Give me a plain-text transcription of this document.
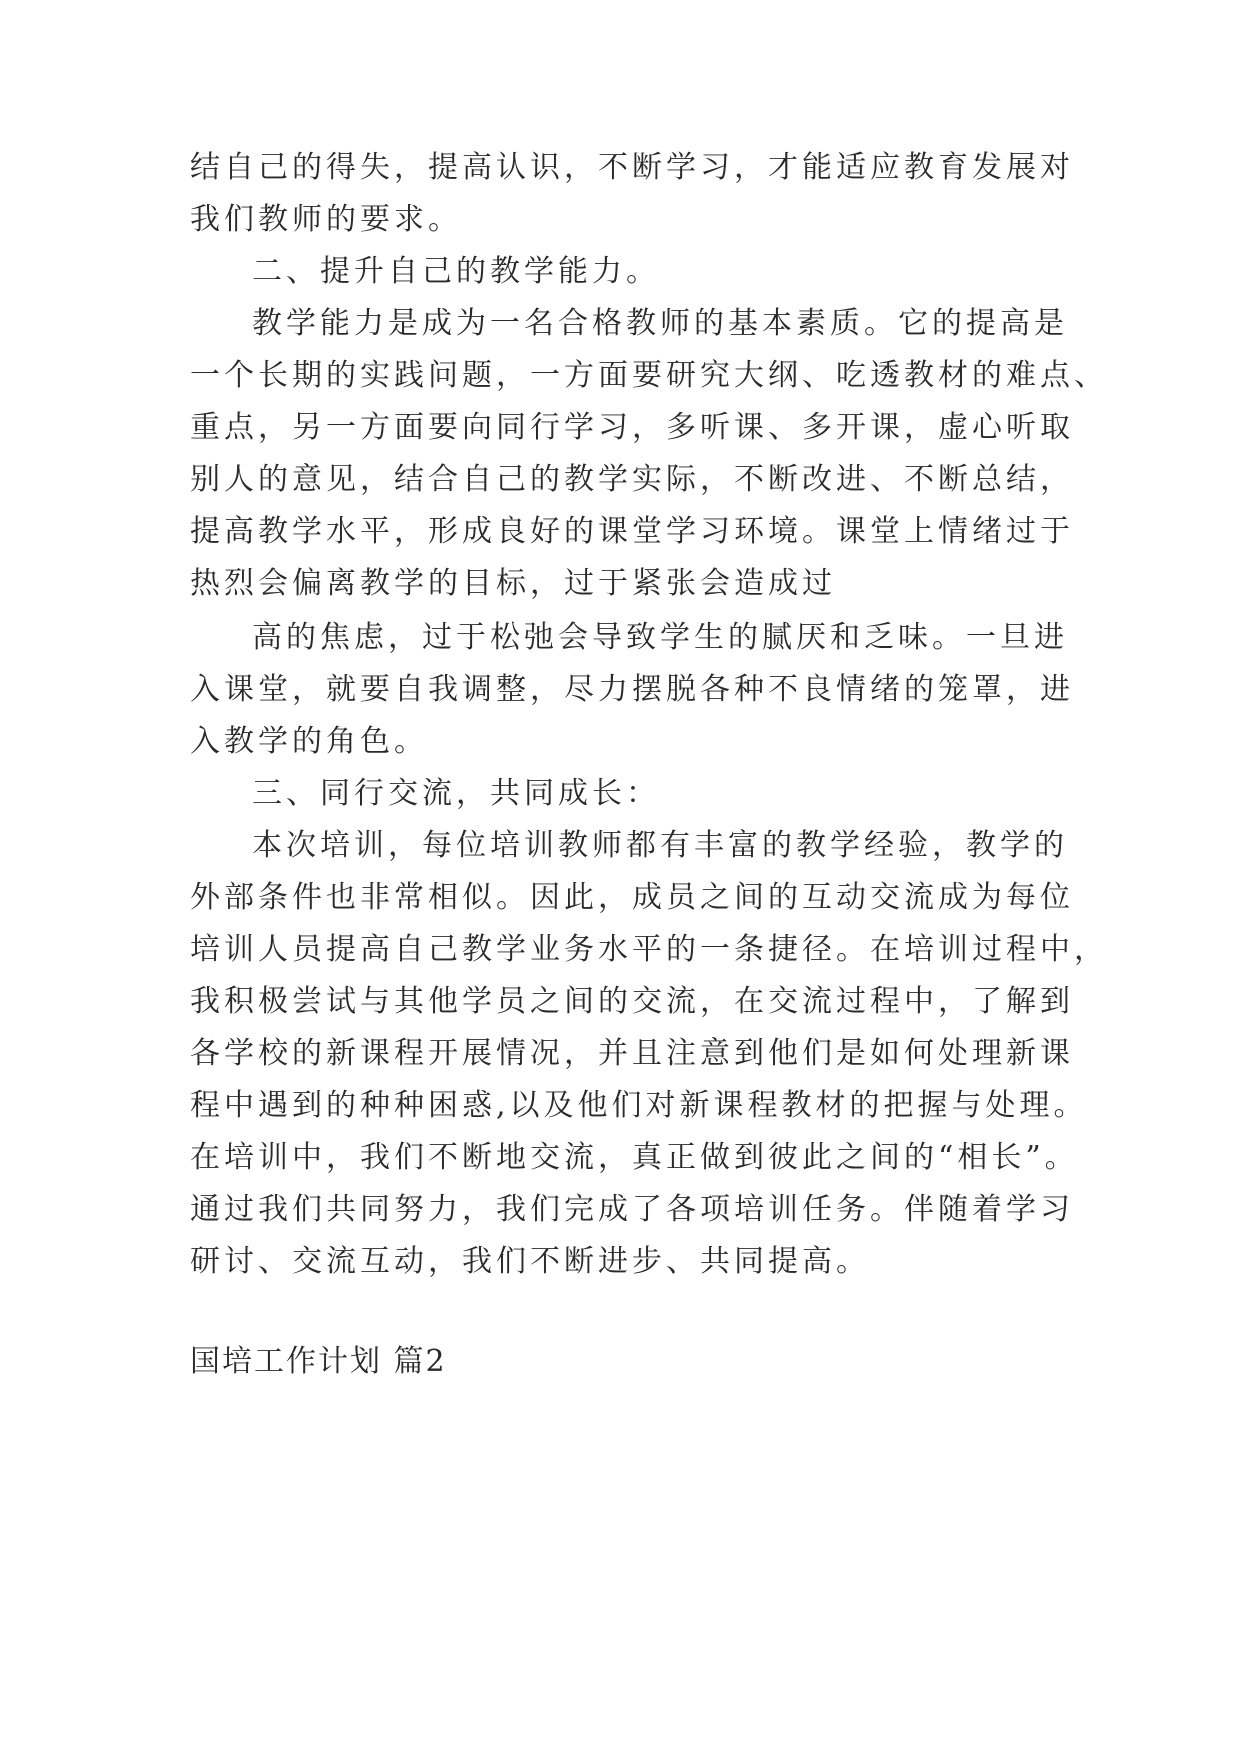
结自己的得失，提高认识，不断学习，才能适应教育发展对
我们教师的要求。
二、提升自己的教学能力。
教学能力是成为一名合格教师的基本素质。它的提高是
一个长期的实践问题，一方面要研究大纲、吃透教材的难点、
重点，另一方面要向同行学习，多听课、多开课，虚心听取
别人的意见，结合自己的教学实际，不断改进、不断总结，
提高教学水平，形成良好的课堂学习环境。课堂上情绪过于
热烈会偏离教学的目标，过于紧张会造成过
高的焦虑，过于松弛会导致学生的腻厌和乏味。一旦进
入课堂，就要自我调整，尽力摆脱各种不良情绪的笼罩，进
入教学的角色。
三、同行交流，共同成长：
本次培训，每位培训教师都有丰富的教学经验，教学的
外部条件也非常相似。因此，成员之间的互动交流成为每位
培训人员提高自己教学业务水平的一条捷径。在培训过程中，
我积极尝试与其他学员之间的交流，在交流过程中，了解到
各学校的新课程开展情况，并且注意到他们是如何处理新课
程中遇到的种种困惑,以及他们对新课程教材的把握与处理。
在培训中，我们不断地交流，真正做到彼此之间的“相长”。
通过我们共同努力，我们完成了各项培训任务。伴随着学习
研讨、交流互动，我们不断进步、共同提高。
国培工作计划 篇2
